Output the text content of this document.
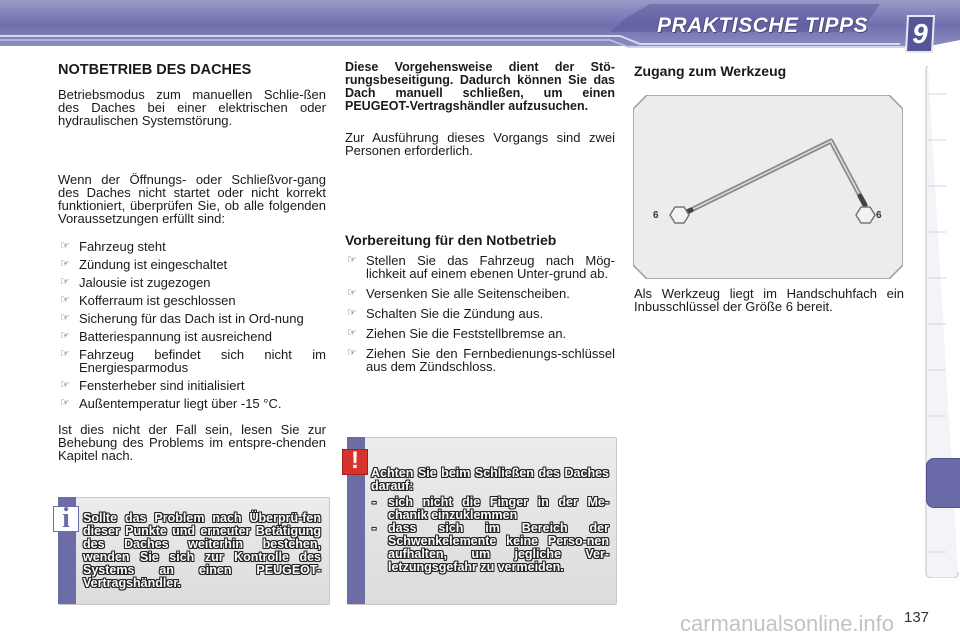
PRAKTISCHE TIPPS 9
NOTBETRIEB DES DACHES
Betriebsmodus zum manuellen Schlie-ßen des Daches bei einer elektrischen oder hydraulischen Systemstörung.
Wenn der Öffnungs- oder Schließvor-gang des Daches nicht startet oder nicht korrekt funktioniert, überprüfen Sie, ob alle folgenden Voraussetzungen erfüllt sind:
☞ Fahrzeug steht
☞ Zündung ist eingeschaltet
☞ Jalousie ist zugezogen
☞ Kofferraum ist geschlossen
☞ Sicherung für das Dach ist in Ord-nung
☞ Batteriespannung ist ausreichend
☞ Fahrzeug befindet sich nicht im Energiesparmodus
☞ Fensterheber sind initialisiert
☞ Außentemperatur liegt über -15 °C.
Ist dies nicht der Fall sein, lesen Sie zur Behebung des Problems im entspre-chenden Kapitel nach.
i	Sollte das Problem nach Überprü-fen dieser Punkte und erneuter Betätigung des Daches weiterhin bestehen, wenden Sie sich zur Kontrolle des Systems an einen PEUGEOT-Vertragshändler.
Diese Vorgehensweise dient der Stö-rungsbeseitigung. Dadurch können Sie das Dach manuell schließen, um einen PEUGEOT-Vertragshändler aufzusuchen.
Zur Ausführung dieses Vorgangs sind zwei Personen erforderlich.
Vorbereitung für den Notbetrieb
☞ Stellen Sie das Fahrzeug nach Mög-lichkeit auf einem ebenen Unter-grund ab.
☞ Versenken Sie alle Seitenscheiben.
☞ Schalten Sie die Zündung aus.
☞ Ziehen Sie die Feststellbremse an.
☞ Ziehen Sie den Fernbedienungs-schlüssel aus dem Zündschloss.
! Achten Sie beim Schließen des Daches darauf:
- sich nicht die Finger in der Me-chanik einzuklemmen
- dass sich im Bereich der Schwenkelemente keine Perso-nen aufhalten, um jegliche Ver-letzungsgefahr zu vermeiden.
Zugang zum Werkzeug
6	6
Als Werkzeug liegt im Handschuhfach ein Inbusschlüssel der Größe 6 bereit.
137
carmanualsonline.info
